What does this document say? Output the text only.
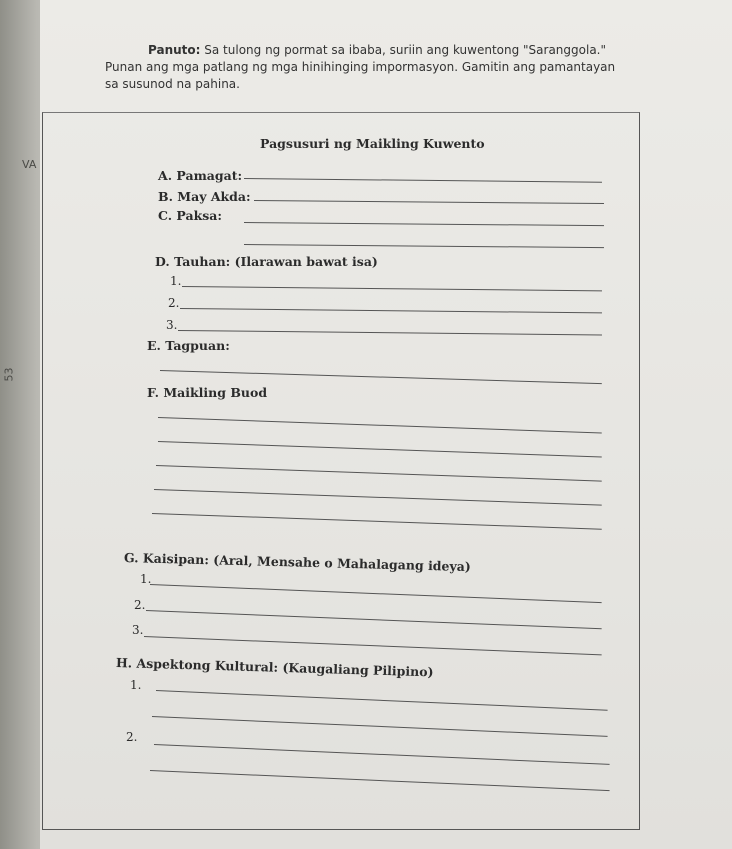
VA
53

Panuto: Sa tulong ng pormat sa ibaba, suriin ang kuwentong "Saranggola."

Punan ang mga patlang ng mga hinihinging impormasyon. Gamitin ang pamantayan

sa susunod na pahina.

Pagsusuri ng Maikling Kuwento
A. Pamagat:
B. May Akda:
C. Paksa:
D. Tauhan: (Ilarawan bawat isa)
1.
2.
3.
E. Tagpuan:
F. Maikling Buod
G. Kaisipan: (Aral, Mensahe o Mahalagang ideya)
1.
2.
3.
H. Aspektong Kultural: (Kaugaliang Pilipino)
1.
2.
